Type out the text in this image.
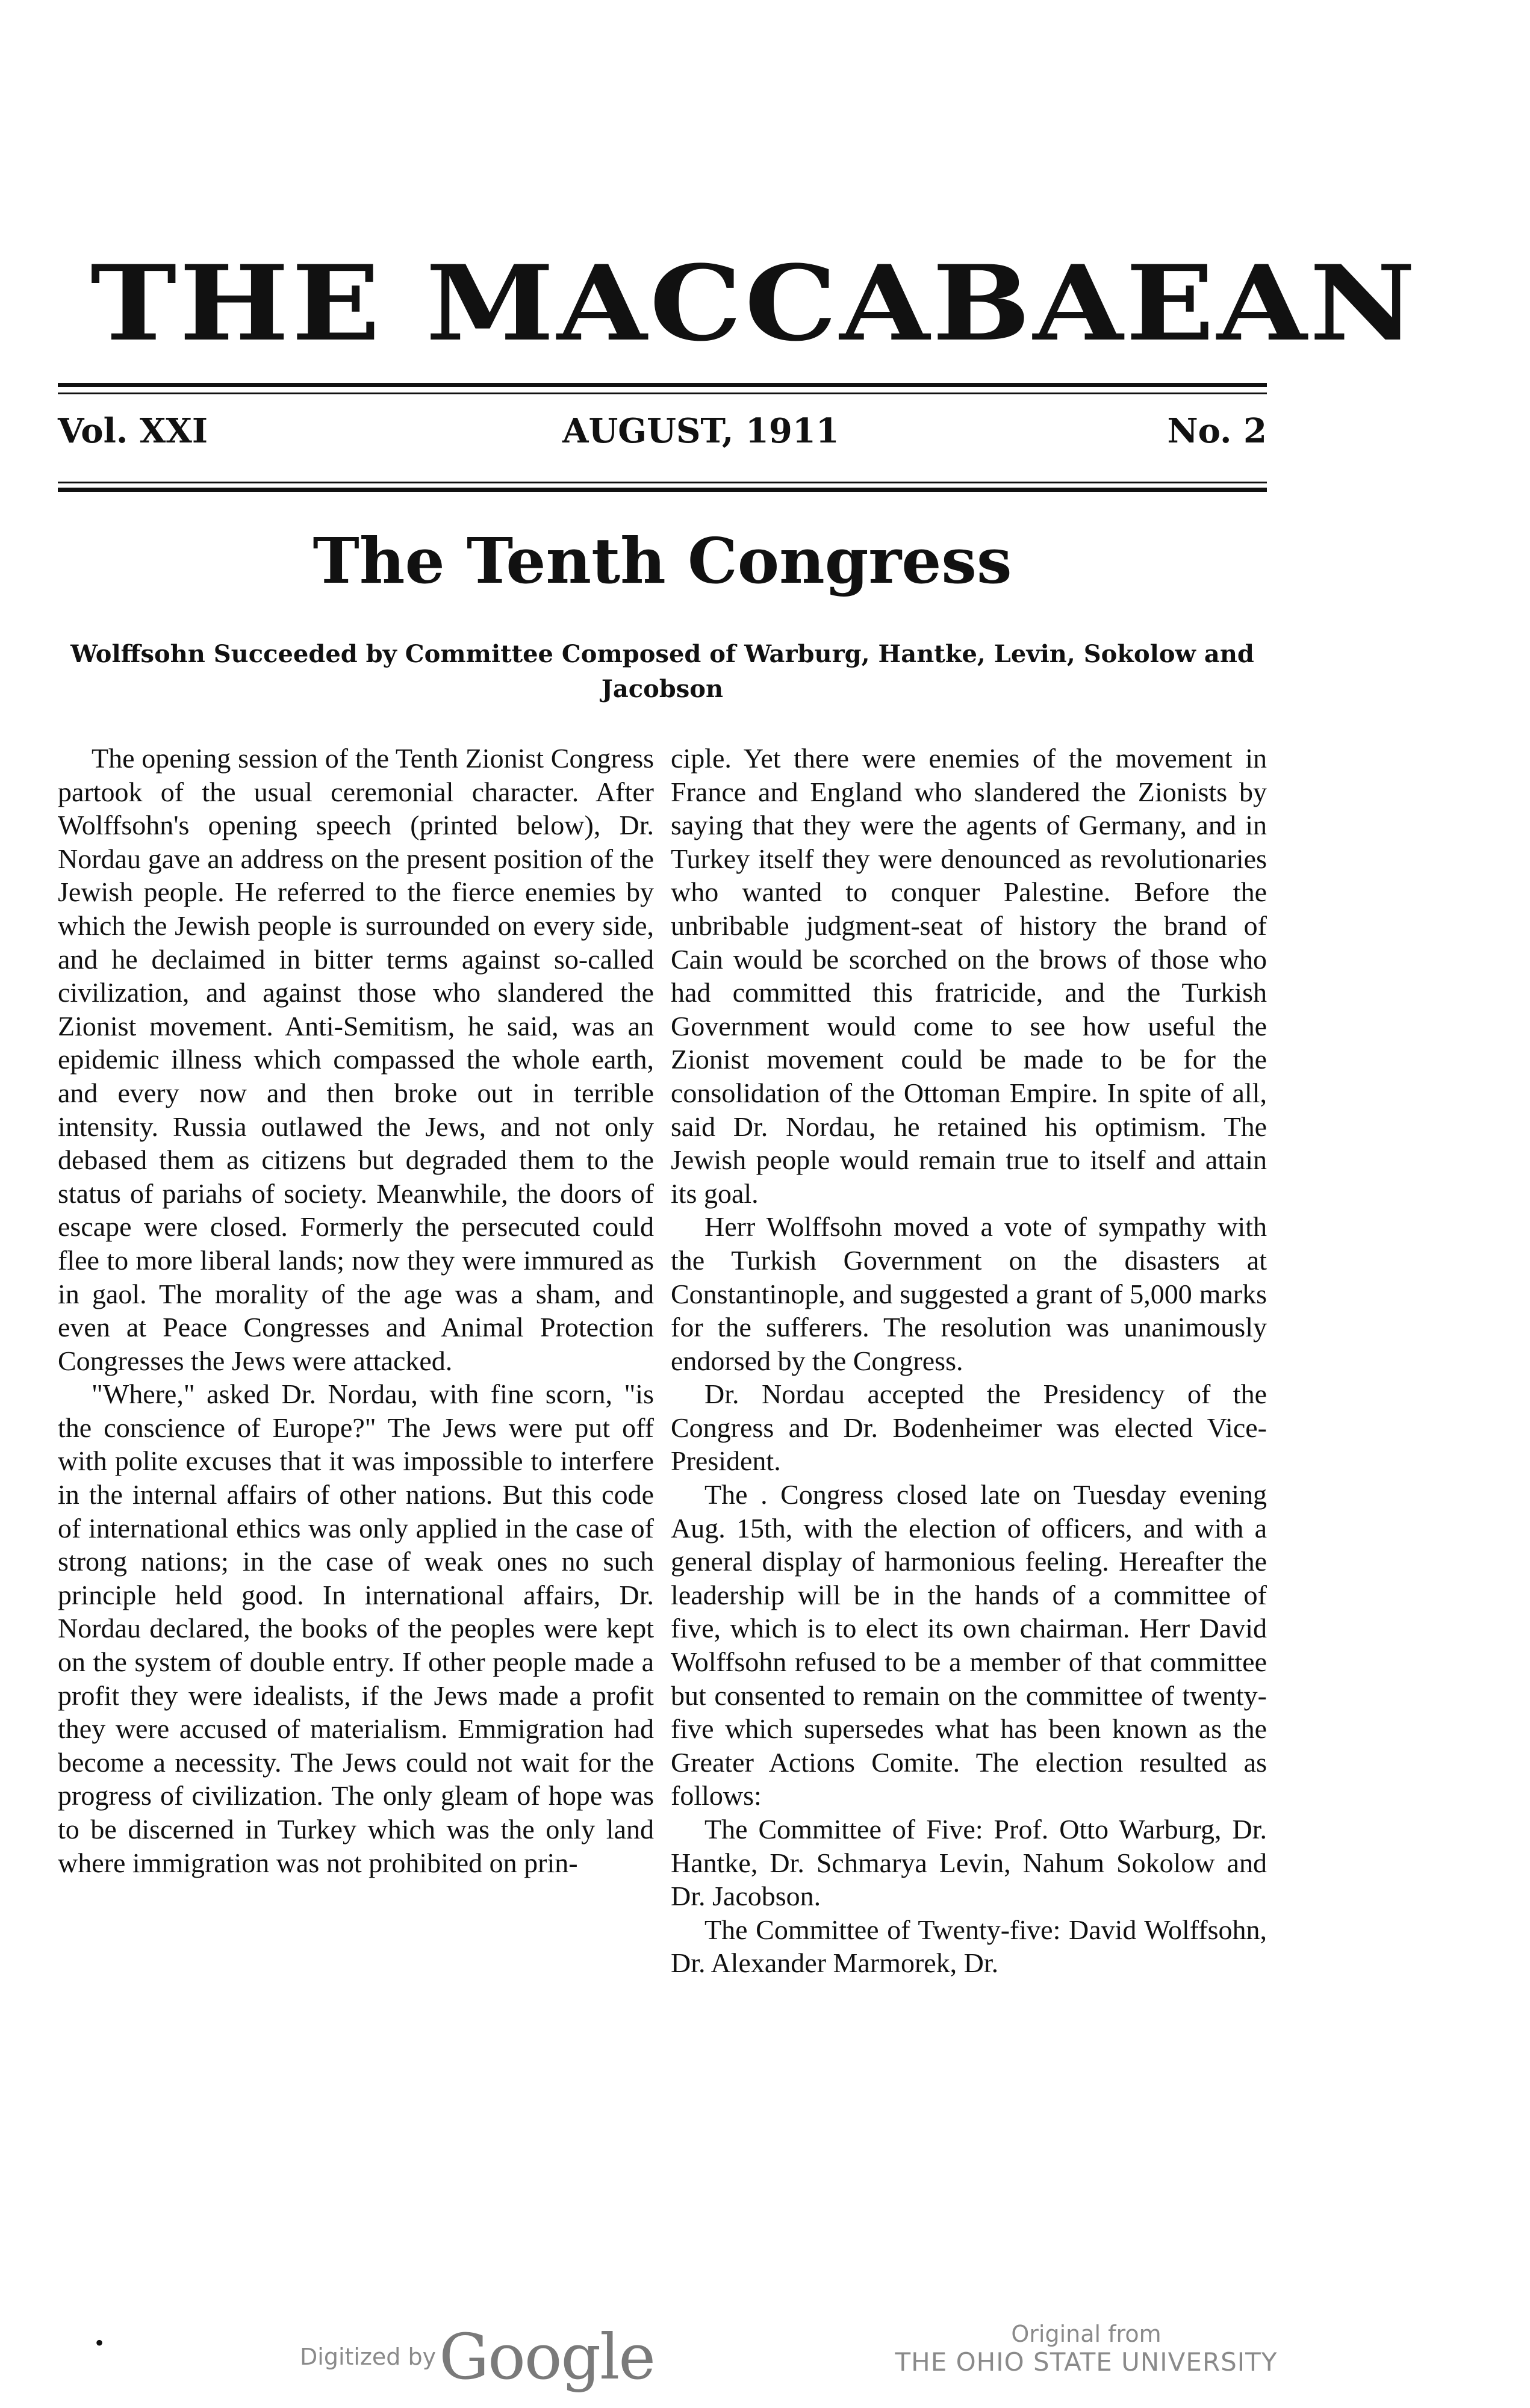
THE MACCABAEAN
Vol. XXI	AUGUST, 1911	No. 2
The Tenth Congress
Wolffsohn Succeeded by Committee Composed of Warburg, Hantke, Levin, Sokolow and Jacobson

The opening session of the Tenth Zionist Congress partook of the usual ceremonial character. After Wolffsohn's opening speech (printed below), Dr. Nordau gave an address on the present position of the Jewish people. He referred to the fierce enemies by which the Jewish people is surrounded on every side, and he declaimed in bitter terms against so-called civilization, and against those who slandered the Zionist movement. Anti-Semitism, he said, was an epidemic illness which compassed the whole earth, and every now and then broke out in terrible intensity. Russia outlawed the Jews, and not only debased them as citizens but degraded them to the status of pariahs of society. Meanwhile, the doors of escape were closed. Formerly the persecuted could flee to more liberal lands; now they were immured as in gaol. The morality of the age was a sham, and even at Peace Congresses and Animal Protection Congresses the Jews were attacked.

"Where," asked Dr. Nordau, with fine scorn, "is the conscience of Europe?" The Jews were put off with polite excuses that it was impossible to interfere in the internal affairs of other nations. But this code of international ethics was only applied in the case of strong nations; in the case of weak ones no such principle held good. In international affairs, Dr. Nordau declared, the books of the peoples were kept on the system of double entry. If other people made a profit they were idealists, if the Jews made a profit they were accused of materialism. Emmigration had become a necessity. The Jews could not wait for the progress of civilization. The only gleam of hope was to be discerned in Turkey which was the only land where immigration was not prohibited on prin-

ciple. Yet there were enemies of the movement in France and England who slandered the Zionists by saying that they were the agents of Germany, and in Turkey itself they were denounced as revolutionaries who wanted to conquer Palestine. Before the unbribable judgment-seat of history the brand of Cain would be scorched on the brows of those who had committed this fratricide, and the Turkish Government would come to see how useful the Zionist movement could be made to be for the consolidation of the Ottoman Empire. In spite of all, said Dr. Nordau, he retained his optimism. The Jewish people would remain true to itself and attain its goal.

Herr Wolffsohn moved a vote of sympathy with the Turkish Government on the disasters at Constantinople, and suggested a grant of 5,000 marks for the sufferers. The resolution was unanimously endorsed by the Congress.

Dr. Nordau accepted the Presidency of the Congress and Dr. Bodenheimer was elected Vice-President.

The . Congress closed late on Tuesday evening Aug. 15th, with the election of officers, and with a general display of harmonious feeling. Hereafter the leadership will be in the hands of a committee of five, which is to elect its own chairman. Herr David Wolffsohn refused to be a member of that committee but consented to remain on the committee of twenty-five which supersedes what has been known as the Greater Actions Comite. The election resulted as follows:

The Committee of Five: Prof. Otto Warburg, Dr. Hantke, Dr. Schmarya Levin, Nahum Sokolow and Dr. Jacobson.

The Committee of Twenty-five: David Wolffsohn, Dr. Alexander Marmorek, Dr.

•
Digitized by Google	Original from
THE OHIO STATE UNIVERSITY
